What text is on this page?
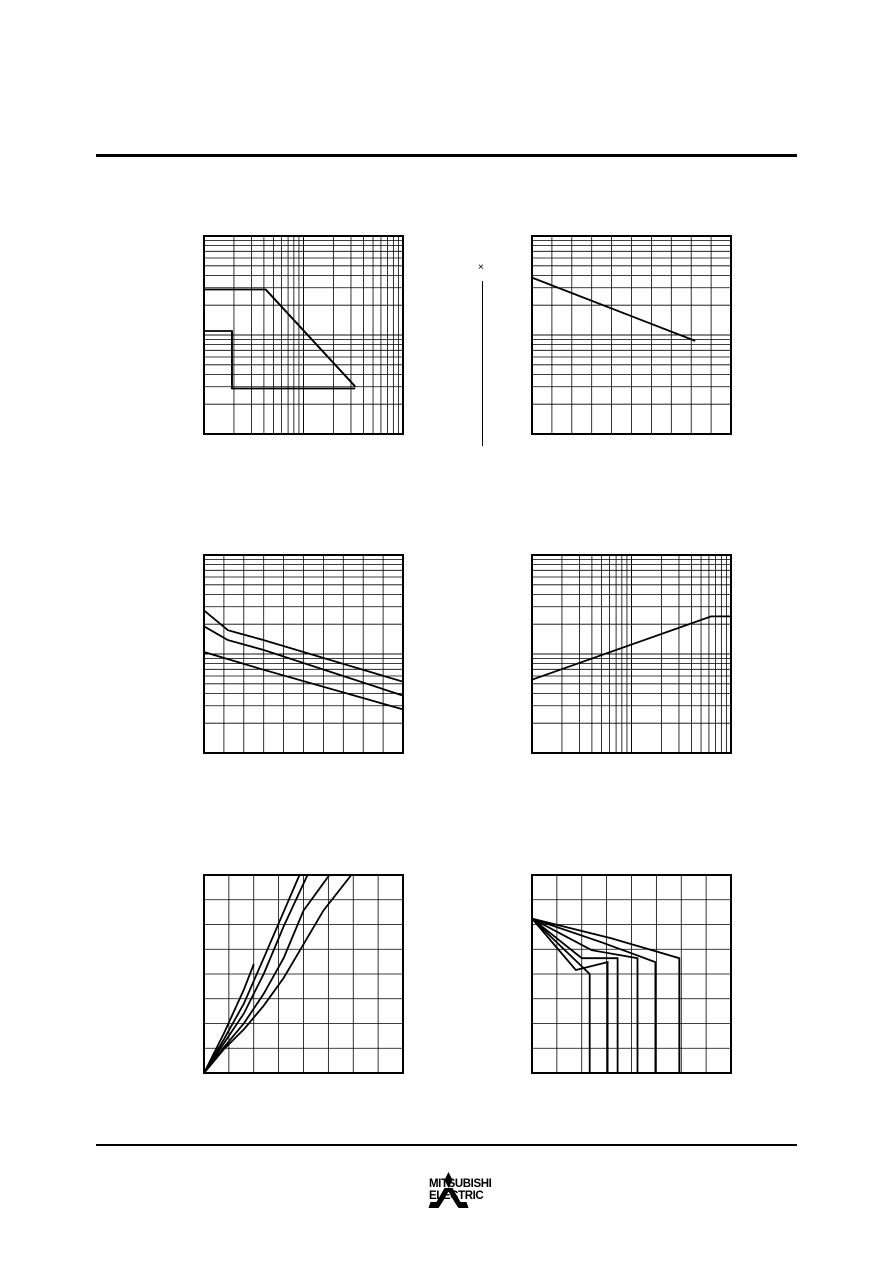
×
MITSUBISHI
ELECTRIC
